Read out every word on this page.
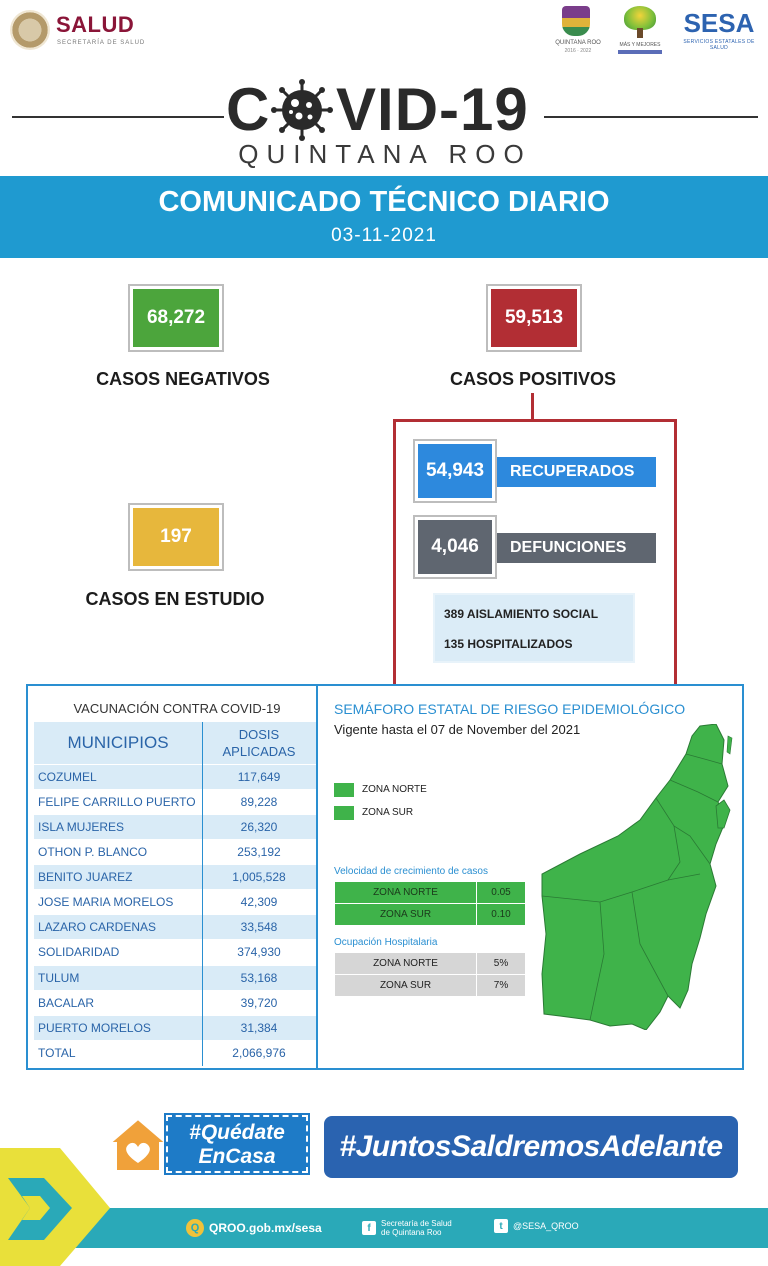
SALUD
SECRETARÍA DE SALUD	QUINTANA ROO
2016 · 2022
MÁS Y MEJORES
SESA
SERVICIOS ESTATALES DE SALUD
C VID-19
QUINTANA ROO
COMUNICADO TÉCNICO DIARIO
03-11-2021
68,272
CASOS NEGATIVOS
59,513
CASOS POSITIVOS
197
CASOS EN ESTUDIO
RECUPERADOS
54,943
DEFUNCIONES
4,046
389 AISLAMIENTO SOCIAL
135 HOSPITALIZADOS
VACUNACIÓN CONTRA COVID-19
MUNICIPIOS	DOSIS
APLICADAS
COZUMEL	117,649
FELIPE CARRILLO PUERTO	89,228
ISLA MUJERES	26,320
OTHON P. BLANCO	253,192
BENITO JUAREZ	1,005,528
JOSE MARIA MORELOS	42,309
LAZARO CARDENAS	33,548
SOLIDARIDAD	374,930
TULUM	53,168
BACALAR	39,720
PUERTO MORELOS	31,384
TOTAL	2,066,976
SEMÁFORO ESTATAL DE RIESGO EPIDEMIOLÓGICO
Vigente hasta el 07 de November del 2021
ZONA NORTE
ZONA SUR
Velocidad de crecimiento de casos
ZONA NORTE	0.05
ZONA SUR	0.10
Ocupación Hospitalaria
ZONA NORTE	5%
ZONA SUR	7%
#Quédate
EnCasa	#JuntosSaldremosAdelante
Q QROO.gob.mx/sesa	f	Secretaría de Salud
de Quintana Roo
t	@SESA_QROO
